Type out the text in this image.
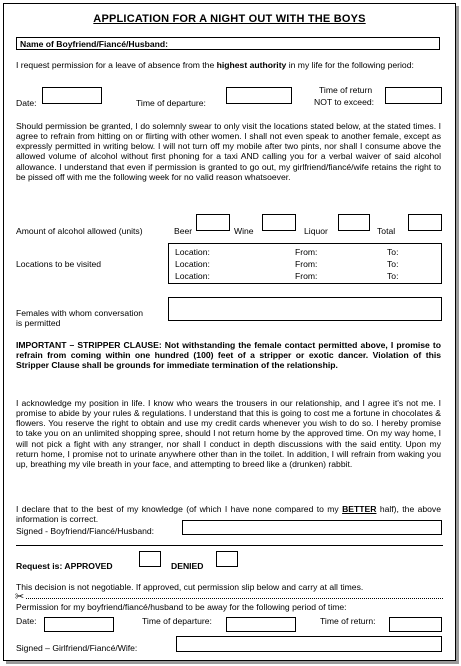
APPLICATION FOR A NIGHT OUT WITH THE BOYS
Name of Boyfriend/Fiancé/Husband:
I request permission for a leave of absence from the highest authority in my life for the following period:
Date:	Time of departure:
Time of return
NOT to exceed:
Should permission be granted, I do solemnly swear to only visit the locations stated below, at the stated times. I agree to refrain from hitting on or flirting with other women. I shall not even speak to another female, except as expressly permitted in writing below. I will not turn off my mobile after two pints, nor shall I consume above the allowed volume of alcohol without first phoning for a taxi AND calling you for a verbal waiver of said alcohol allowance. I understand that even if permission is granted to go out, my girlfriend/fiancé/wife retains the right to be pissed off with me the following week for no valid reason whatsoever.
Amount of alcohol allowed (units)	Beer	Wine	Liquor	Total
Locations to be visited
Location:	From:	To:
Location:	From:	To:
Location:	From:	To:
Females with whom conversation
is permitted
IMPORTANT – STRIPPER CLAUSE: Not withstanding the female contact permitted above, I promise to refrain from coming within one hundred (100) feet of a stripper or exotic dancer. Violation of this Stripper Clause shall be grounds for immediate termination of the relationship.
I acknowledge my position in life. I know who wears the trousers in our relationship, and I agree it's not me. I promise to abide by your rules & regulations. I understand that this is going to cost me a fortune in chocolates & flowers. You reserve the right to obtain and use my credit cards whenever you wish to do so. I hereby promise to take you on an unlimited shopping spree, should I not return home by the approved time. On my way home, I will not pick a fight with any stranger, nor shall I conduct in depth discussions with the said entity. Upon my return home, I promise not to urinate anywhere other than in the toilet. In addition, I will refrain from waking you up, breathing my vile breath in your face, and attempting to breed like a (drunken) rabbit.
I declare that to the best of my knowledge (of which I have none compared to my BETTER half), the above information is correct.
Signed - Boyfriend/Fiancé/Husband:
Request is: APPROVED	DENIED
This decision is not negotiable. If approved, cut permission slip below and carry at all times.
✂
Permission for my boyfriend/fiancé/husband to be away for the following period of time:
Date:	Time of departure:	Time of return:
Signed – Girlfriend/Fiancé/Wife:
